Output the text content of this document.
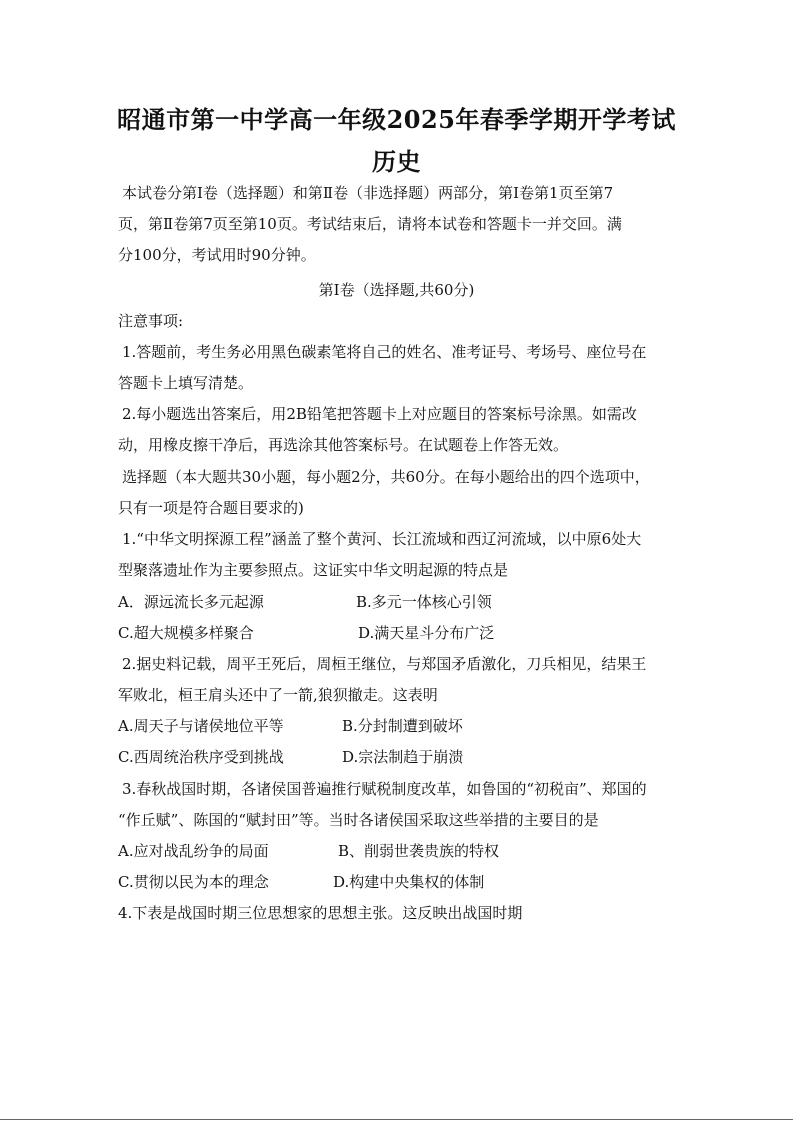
昭通市第一中学高一年级2025年春季学期开学考试
历史
本试卷分第Ⅰ卷（选择题）和第Ⅱ卷（非选择题）两部分，第Ⅰ卷第1页至第7
页，第Ⅱ卷第7页至第10页。考试结束后，请将本试卷和答题卡一并交回。满
分100分，考试用时90分钟。
第Ⅰ卷（选择题,共60分)
注意事项:
1.答题前，考生务必用黑色碳素笔将自己的姓名、准考证号、考场号、座位号在
答题卡上填写清楚。
2.每小题选出答案后，用2B铅笔把答题卡上对应题目的答案标号涂黑。如需改
动，用橡皮擦干净后，再选涂其他答案标号。在试题卷上作答无效。
选择题（本大题共30小题，每小题2分，共60分。在每小题给出的四个选项中，
只有一项是符合题目要求的)
1.“中华文明探源工程”涵盖了整个黄河、长江流域和西辽河流域，以中原6处大
型聚落遗址作为主要参照点。这证实中华文明起源的特点是
A．源远流长多元起源	B.多元一体核心引领
C.超大规模多样聚合	D.满天星斗分布广泛
2.据史料记载，周平王死后，周桓王继位，与郑国矛盾激化，刀兵相见，结果王
军败北，桓王肩头还中了一箭,狼狈撤走。这表明
A.周天子与诸侯地位平等	B.分封制遭到破坏
C.西周统治秩序受到挑战	D.宗法制趋于崩溃
3.春秋战国时期，各诸侯国普遍推行赋税制度改革，如鲁国的“初税亩”、郑国的
“作丘赋”、陈国的“赋封田”等。当时各诸侯国采取这些举措的主要目的是
A.应对战乱纷争的局面	B、削弱世袭贵族的特权
C.贯彻以民为本的理念	D.构建中央集权的体制
4.下表是战国时期三位思想家的思想主张。这反映出战国时期
